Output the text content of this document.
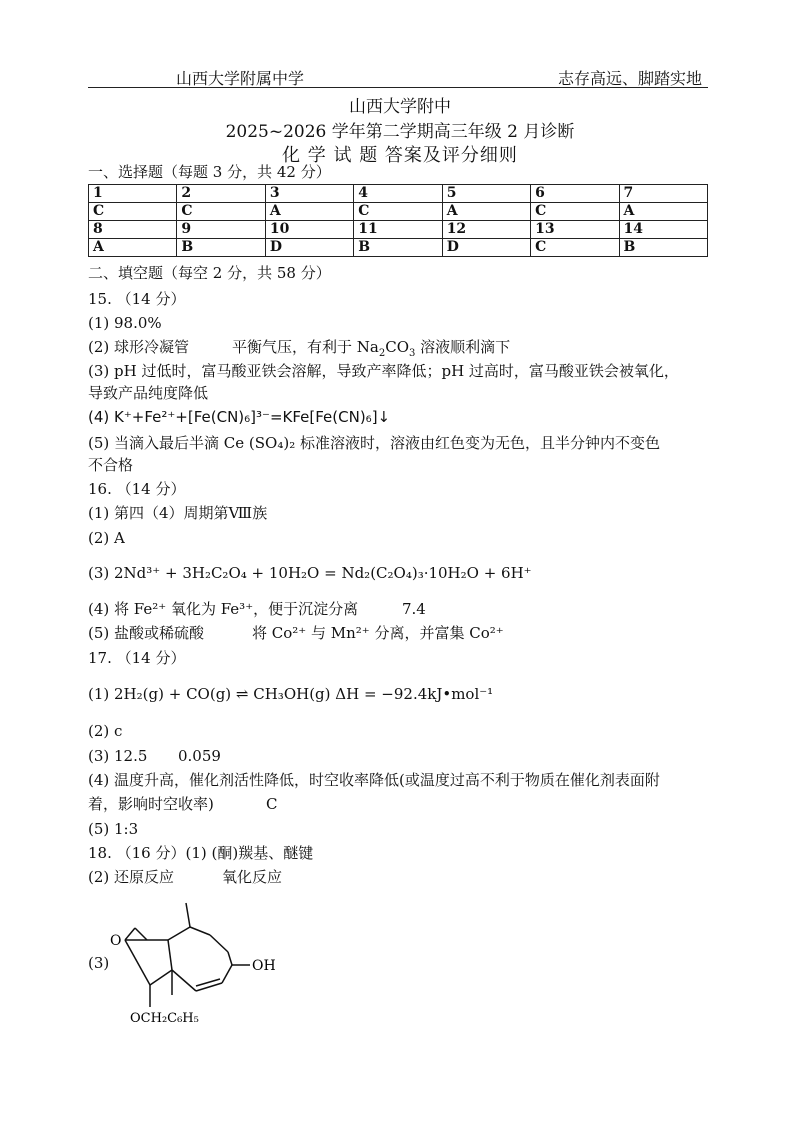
山西大学附属中学	志存高远、脚踏实地
山西大学附中
2025~2026 学年第二学期高三年级 2 月诊断
化 学 试 题 答案及评分细则
一、选择题（每题 3 分，共 42 分）
1	2	3	4	5	6	7
C	C	A	C	A	C	A
8	9	10	11	12	13	14
A	B	D	B	D	C	B
二、填空题（每空 2 分，共 58 分）
15. （14 分）
(1) 98.0%
(2) 球形冷凝管	平衡气压，有利于 $Na_2CO_3$ 溶液顺利滴下
(3) pH 过低时，富马酸亚铁会溶解，导致产率降低；pH 过高时，富马酸亚铁会被氧化，
导致产品纯度降低
(4) K⁺+Fe²⁺+[Fe(CN)₆]³⁻=KFe[Fe(CN)₆]↓
(5) 当滴入最后半滴 Ce (SO₄)₂ 标准溶液时，溶液由红色变为无色，且半分钟内不变色
不合格
16. （14 分）
(1) 第四（4）周期第Ⅷ族
(2) A
(3) 2Nd³⁺ + 3H₂C₂O₄ + 10H₂O = Nd₂(C₂O₄)₃·10H₂O + 6H⁺
(4) 将 Fe²⁺ 氧化为 Fe³⁺，便于沉淀分离	7.4
(5) 盐酸或稀硫酸	将 Co²⁺ 与 Mn²⁺ 分离，并富集 Co²⁺
17. （14 分）
(1) 2H₂(g) + CO(g) ⇌ CH₃OH(g) ΔH = −92.4kJ•mol⁻¹
(2) c
(3) 12.5 0.059
(4) 温度升高，催化剂活性降低，时空收率降低(或温度过高不利于物质在催化剂表面附
着，影响时空收率)	C
(5) 1:3
18. （16 分）(1) (酮)羰基、醚键
(2) 还原反应	氧化反应
(3)
O
OH
OCH₂C₆H₅
